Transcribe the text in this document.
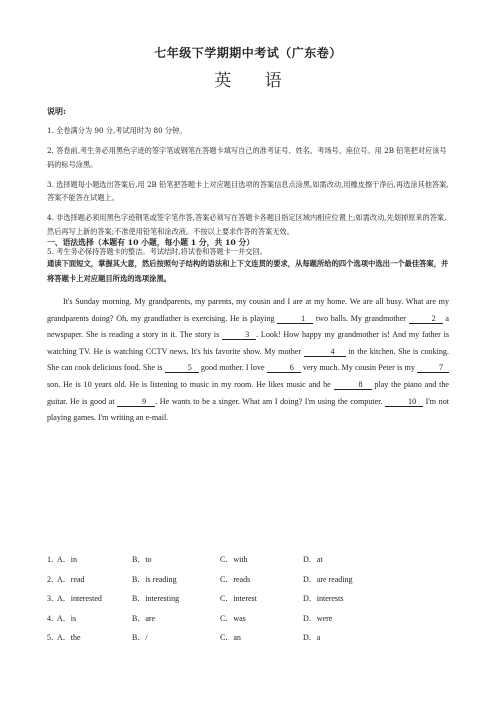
七年级下学期期中考试（广东卷）
英 语
说明:

1. 全卷满分为 90 分,考试用时为 80 分钟。

2. 答卷前,考生务必用黑色字迹的签字笔或钢笔在答题卡填写自己的准考证号、姓名、考场号、座位号。用 2B 铅笔把对应该号码的标号涂黑。

3. 选择题每小题选出答案后,用 2B 铅笔把答题卡上对应题目选项的答案信息点涂黑,如需改动,用橡皮擦干净后,再选涂其他答案,答案不能答在试题上。

4. 非选择题必须用黑色字迹钢笔或签字笔作答,答案必须写在答题卡各题目指定区域内相应位置上;如需改动,先划掉原来的答案,然后再写上新的答案;不准使用铅笔和涂改液。不按以上要求作答的答案无效。

5. 考生务必保持答题卡的整洁。考试结时,将试卷和答题卡一并交回。

一、语法选择（本题有 10 小题，每小题 1 分，共 10 分）
通读下面短文，掌握其大意，然后按照句子结构的语法和上下文连贯的要求，从每题所给的四个选项中选出一个最佳答案，并将答题卡上对应题目所选的选项涂黑。
It's Sunday morning. My grandparents, my parents, my cousin and I are at my home. We are all busy. What are my grandparents doing? Oh, my grandfather is exercising. He is playing	1 two balls. My grandmother	2 a newspaper. She is reading a story in it. The story is	3 . Look! How happy my grandmother is! And my father is watching TV. He is watching CCTV news. It's his favorite show. My mother	4 in the kitchen. She is cooking. She can cook delicious food. She is	5 good mother. I love	6 very much. My cousin Peter is my	7 son. He is 10 years old. He is listening to music in my room. He likes music and he	8 play the piano and the guitar. He is good at	9 . He wants to be a singer. What am I doing? I'm using the computer.	10 I'm not playing games. I'm writing an e-mail.
1．
A．in	B．to	C．with	D．at
2．
A．read	B．is reading	C．reads	D．are reading
3．
A．interested	B．interesting	C．interest	D．interests
4．
A．is	B．are	C．was	D．were
5．
A．the	B．/	C．an	D．a
